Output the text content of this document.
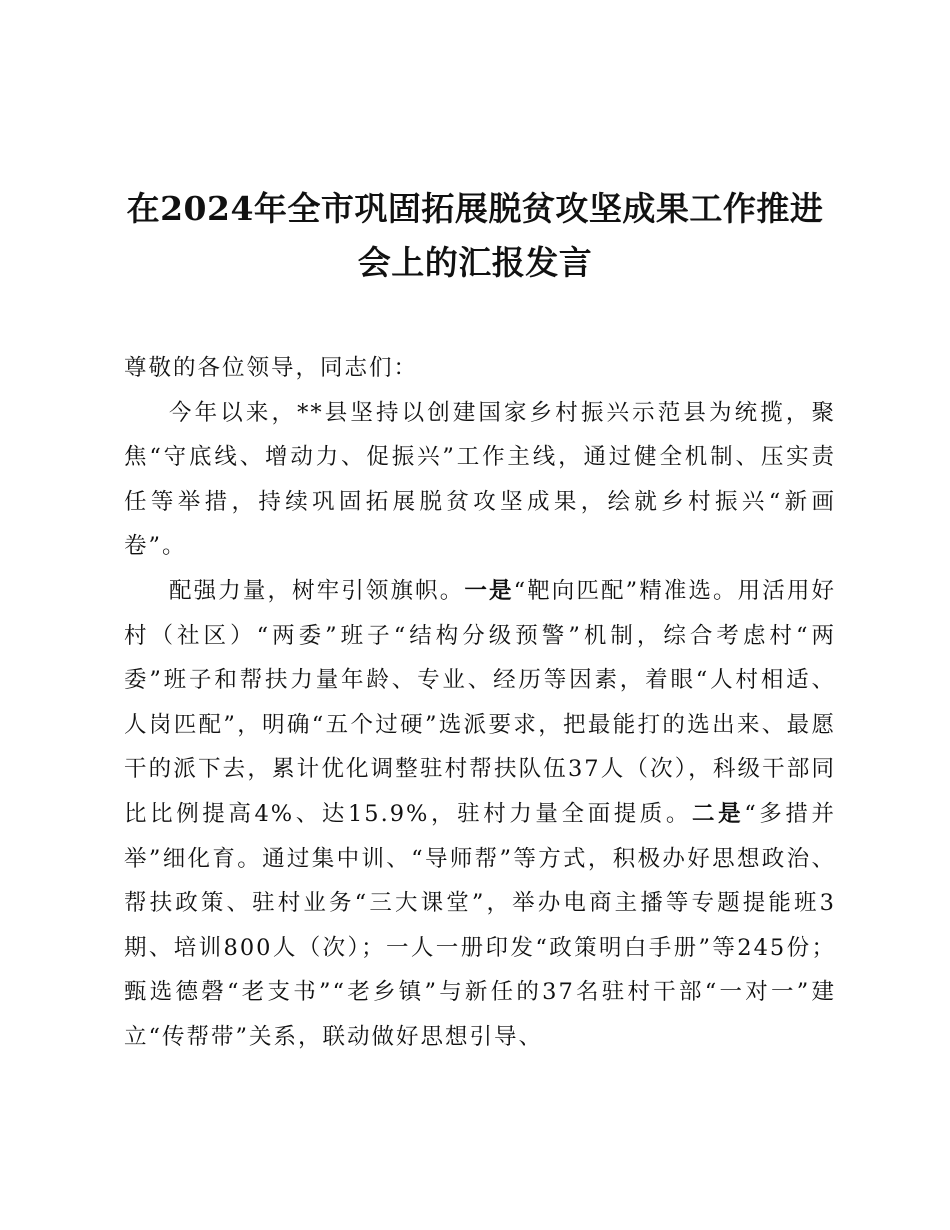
在2024年全市巩固拓展脱贫攻坚成果工作推进
会上的汇报发言

尊敬的各位领导，同志们：

今年以来，**县坚持以创建国家乡村振兴示范县为统揽，聚焦“守底线、增动力、促振兴”工作主线，通过健全机制、压实责任等举措，持续巩固拓展脱贫攻坚成果，绘就乡村振兴“新画卷”。

配强力量，树牢引领旗帜。一是“靶向匹配”精准选。用活用好村（社区）“两委”班子“结构分级预警”机制，综合考虑村“两委”班子和帮扶力量年龄、专业、经历等因素，着眼“人村相适、人岗匹配”，明确“五个过硬”选派要求，把最能打的选出来、最愿干的派下去，累计优化调整驻村帮扶队伍37人（次），科级干部同比比例提高4%、达15.9%，驻村力量全面提质。二是“多措并举”细化育。通过集中训、“导师帮”等方式，积极办好思想政治、帮扶政策、驻村业务“三大课堂”，举办电商主播等专题提能班3期、培训800人（次）；一人一册印发“政策明白手册”等245份；甄选德磬“老支书”“老乡镇”与新任的37名驻村干部“一对一”建立“传帮带”关系，联动做好思想引导、
